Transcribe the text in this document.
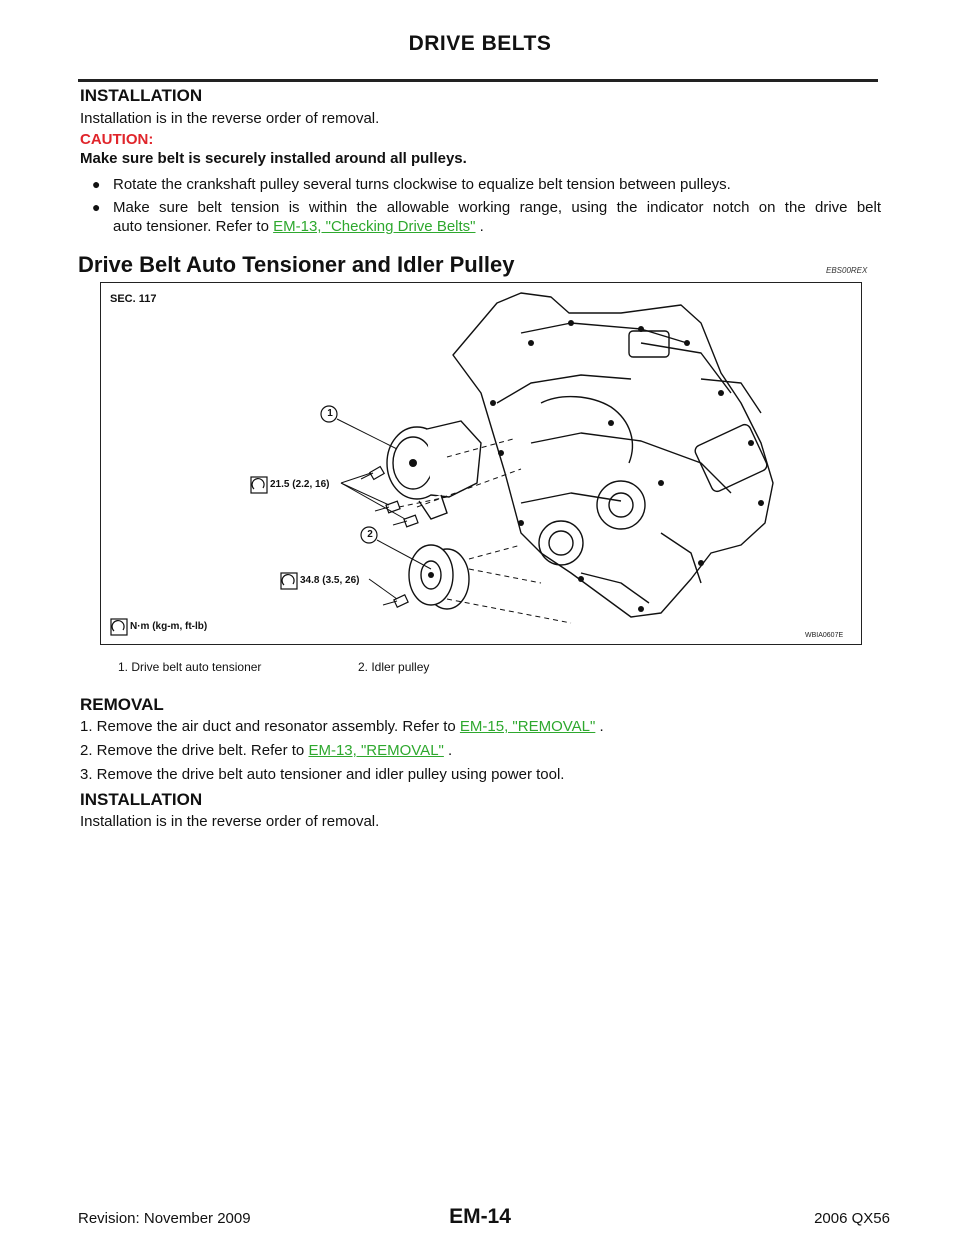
DRIVE BELTS
INSTALLATION
Installation is in the reverse order of removal.
CAUTION:
Make sure belt is securely installed around all pulleys.
● Rotate the crankshaft pulley several turns clockwise to equalize belt tension between pulleys.
● Make sure belt tension is within the allowable working range, using the indicator notch on the drive belt
auto tensioner. Refer to EM-13, "Checking Drive Belts" .
Drive Belt Auto Tensioner and Idler Pulley	EBS00REX
SEC. 117
1
2
21.5 (2.2, 16)
34.8 (3.5, 26)
N·m (kg-m, ft-lb)
WBIA0607E
1. Drive belt auto tensioner	2. Idler pulley
REMOVAL
1. Remove the air duct and resonator assembly. Refer to EM-15, "REMOVAL" .
2. Remove the drive belt. Refer to EM-13, "REMOVAL" .
3. Remove the drive belt auto tensioner and idler pulley using power tool.
INSTALLATION
Installation is in the reverse order of removal.
Revision: November 2009	EM-14	2006 QX56
